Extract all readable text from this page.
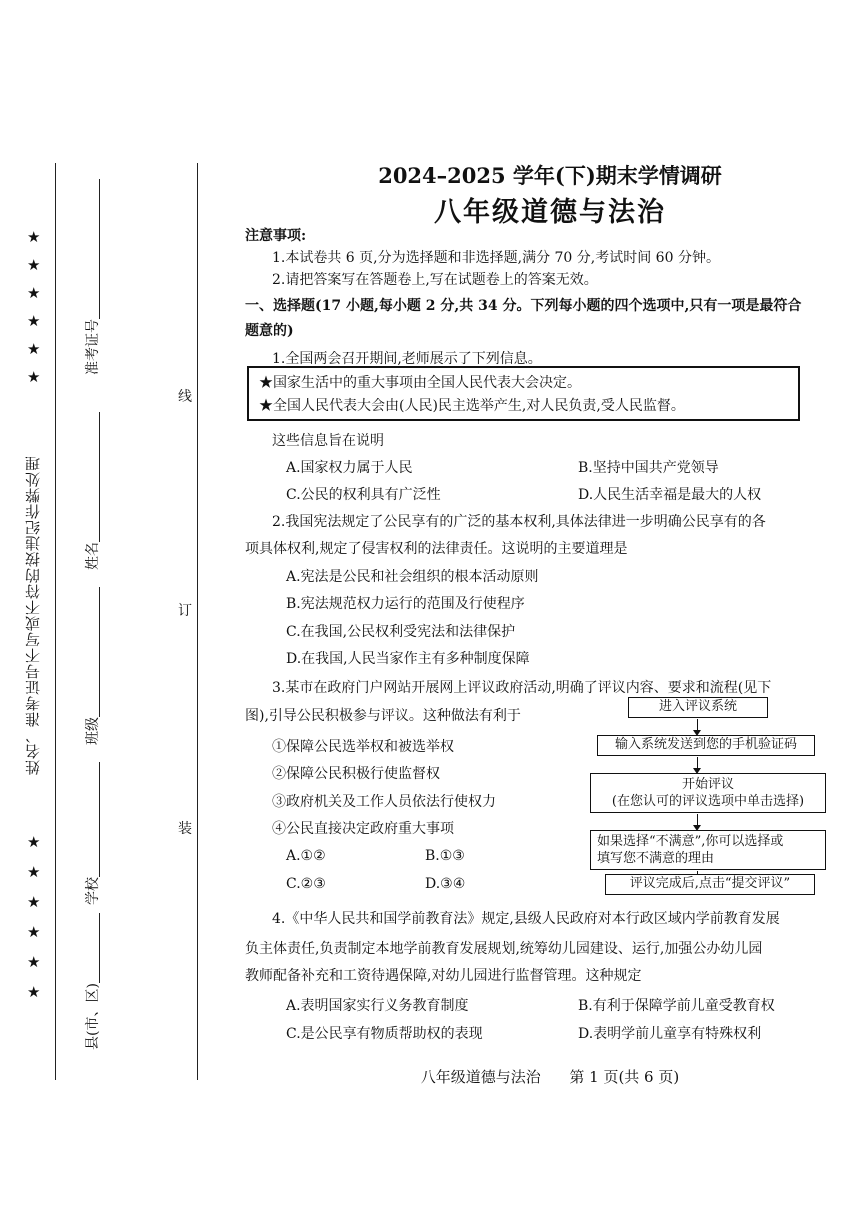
★
★
★
★
★
★
姓名、准考证号不写或不符的按违纪作弊处理
★
★
★
★
★
★
准考证号
姓名
班级
学校
县(市、区)
线
订
装
2024–2025 学年(下)期末学情调研
八年级道德与法治
注意事项:
1.本试卷共 6 页,分为选择题和非选择题,满分 70 分,考试时间 60 分钟。
2.请把答案写在答题卷上,写在试题卷上的答案无效。
一、选择题(17 小题,每小题 2 分,共 34 分。下列每小题的四个选项中,只有一项是最符合
题意的)
1.全国两会召开期间,老师展示了下列信息。
★国家生活中的重大事项由全国人民代表大会决定。
★全国人民代表大会由(人民)民主选举产生,对人民负责,受人民监督。
这些信息旨在说明
A.国家权力属于人民	B.坚持中国共产党领导
C.公民的权利具有广泛性	D.人民生活幸福是最大的人权
2.我国宪法规定了公民享有的广泛的基本权利,具体法律进一步明确公民享有的各
项具体权利,规定了侵害权利的法律责任。这说明的主要道理是
A.宪法是公民和社会组织的根本活动原则
B.宪法规范权力运行的范围及行使程序
C.在我国,公民权利受宪法和法律保护
D.在我国,人民当家作主有多种制度保障
3.某市在政府门户网站开展网上评议政府活动,明确了评议内容、要求和流程(见下
图),引导公民积极参与评议。这种做法有利于
①保障公民选举权和被选举权
②保障公民积极行使监督权
③政府机关及工作人员依法行使权力
④公民直接决定政府重大事项
A.①②	B.①③
C.②③	D.③④
进入评议系统
输入系统发送到您的手机验证码
开始评议
(在您认可的评议选项中单击选择)
如果选择“不满意”,你可以选择或
填写您不满意的理由
评议完成后,点击“提交评议”
4.《中华人民共和国学前教育法》规定,县级人民政府对本行政区域内学前教育发展
负主体责任,负责制定本地学前教育发展规划,统筹幼儿园建设、运行,加强公办幼儿园
教师配备补充和工资待遇保障,对幼儿园进行监督管理。这种规定
A.表明国家实行义务教育制度	B.有利于保障学前儿童受教育权
C.是公民享有物质帮助权的表现	D.表明学前儿童享有特殊权利
八年级道德与法治      第 1 页(共 6 页)
